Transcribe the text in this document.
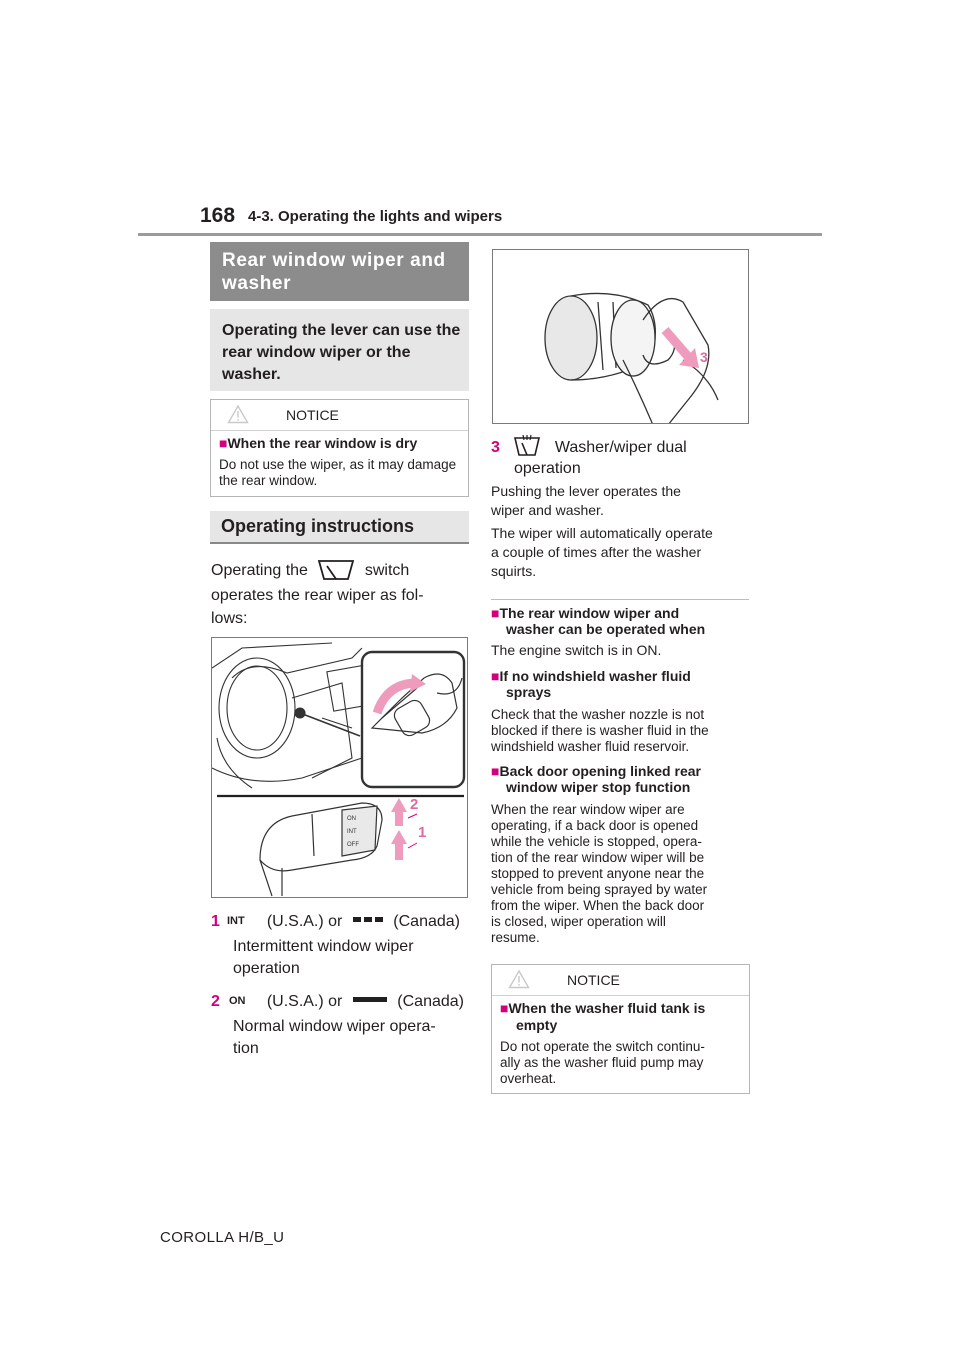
168 4-3. Operating the lights and wipers
Rear window wiper and washer
Operating the lever can use the rear window wiper or the washer.
NOTICE
■When the rear window is dry
Do not use the wiper, as it may damage the rear window.
Operating instructions
Operating the	switch
operates the rear wiper as fol-
lows:
ON
INT
OFF
2
1
1 INT (U.S.A.) or	(Canada)
Intermittent window wiper
operation
2 ON (U.S.A.) or	(Canada)
Normal window wiper opera-
tion
3
3	Washer/wiper dual
operation
Pushing the lever operates the
wiper and washer.
The wiper will automatically operate
a couple of times after the washer
squirts.
■The rear window wiper and
washer can be operated when
The engine switch is in ON.
■If no windshield washer fluid
sprays
Check that the washer nozzle is not
blocked if there is washer fluid in the
windshield washer fluid reservoir.
■Back door opening linked rear
window wiper stop function
When the rear window wiper are
operating, if a back door is opened
while the vehicle is stopped, opera-
tion of the rear window wiper will be
stopped to prevent anyone near the
vehicle from being sprayed by water
from the wiper. When the back door
is closed, wiper operation will
resume.
NOTICE
■When the washer fluid tank is
empty
Do not operate the switch continu-
ally as the washer fluid pump may
overheat.
COROLLA H/B_U
